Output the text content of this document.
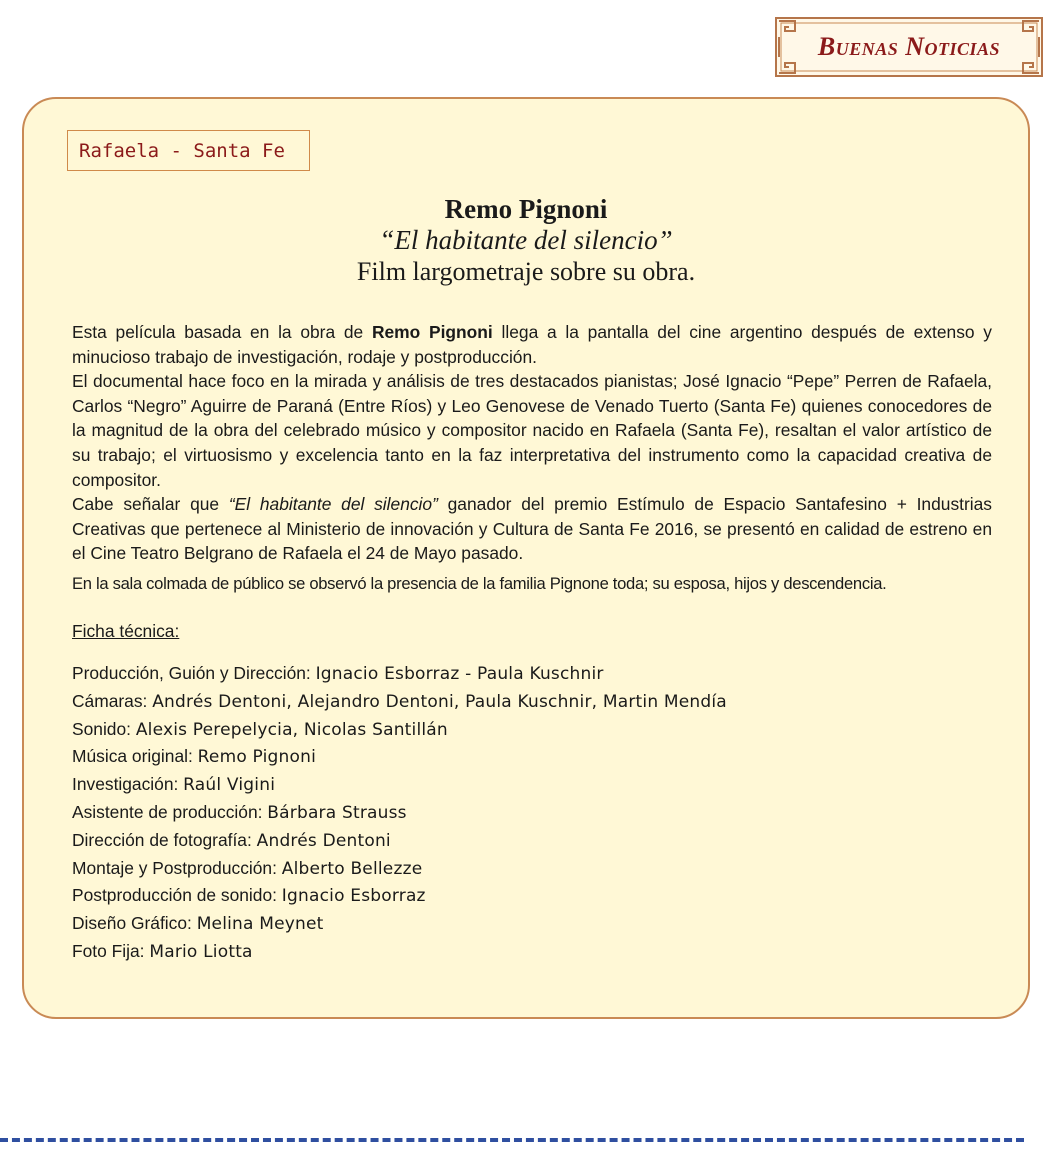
Buenas Noticias
Rafaela - Santa Fe
Remo Pignoni
“El habitante del silencio”
Film largometraje sobre su obra.

Esta película basada en la obra de Remo Pignoni llega a la pantalla del cine argentino después de extenso y minucioso trabajo de investigación, rodaje y postproducción.

El documental hace foco en la mirada y análisis de tres destacados pianistas; José Ignacio “Pepe” Perren de Rafaela, Carlos “Negro” Aguirre de Paraná (Entre Ríos) y Leo Genovese de Venado Tuerto (Santa Fe) quienes conocedores de la magnitud de la obra del celebrado músico y compositor nacido en Rafaela (Santa Fe), resaltan el valor artístico de su trabajo; el virtuosismo y excelencia tanto en la faz interpretativa del instrumento como la capacidad creativa de compositor.

Cabe señalar que “El habitante del silencio” ganador del premio Estímulo de Espacio Santafesino + Industrias Creativas que pertenece al Ministerio de innovación y Cultura de Santa Fe 2016, se presentó en calidad de estreno en el Cine Teatro Belgrano de Rafaela el 24 de Mayo pasado.

En la sala colmada de público se observó la presencia de la familia Pignone toda; su esposa, hijos y descendencia.

Ficha técnica:
Producción, Guión y Dirección: Ignacio Esborraz - Paula Kuschnir
Cámaras: Andrés Dentoni, Alejandro Dentoni, Paula Kuschnir, Martin Mendía
Sonido: Alexis Perepelycia, Nicolas Santillán
Música original: Remo Pignoni
Investigación: Raúl Vigini
Asistente de producción: Bárbara Strauss
Dirección de fotografía: Andrés Dentoni
Montaje y Postproducción: Alberto Bellezze
Postproducción de sonido: Ignacio Esborraz
Diseño Gráfico: Melina Meynet
Foto Fija: Mario Liotta
